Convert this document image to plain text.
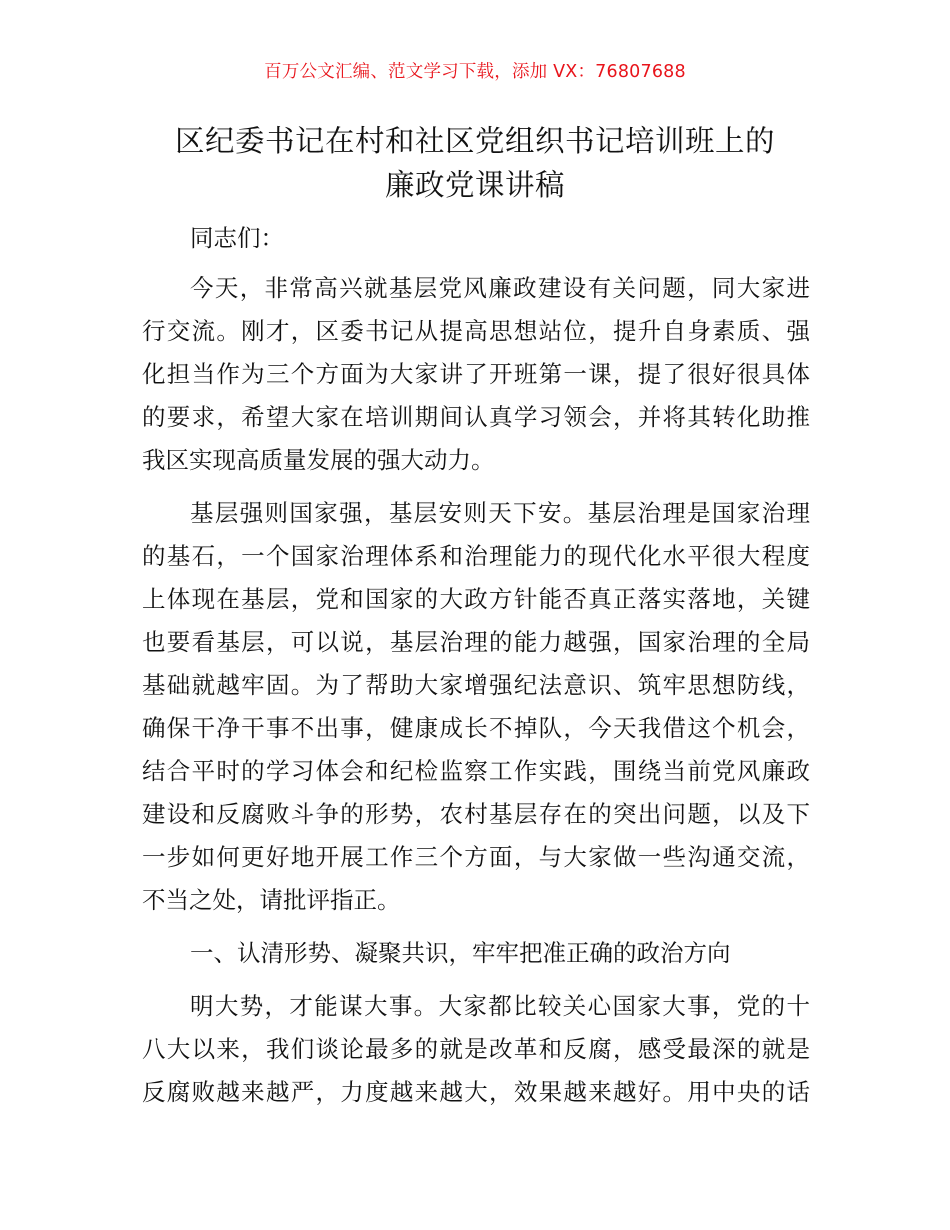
百万公文汇编、范文学习下载，添加 VX：76807688
区纪委书记在村和社区党组织书记培训班上的
廉政党课讲稿
同志们：
今天，非常高兴就基层党风廉政建设有关问题，同大家进
行交流。刚才，区委书记从提高思想站位，提升自身素质、强
化担当作为三个方面为大家讲了开班第一课，提了很好很具体
的要求，希望大家在培训期间认真学习领会，并将其转化助推
我区实现高质量发展的强大动力。
基层强则国家强，基层安则天下安。基层治理是国家治理
的基石，一个国家治理体系和治理能力的现代化水平很大程度
上体现在基层，党和国家的大政方针能否真正落实落地，关键
也要看基层，可以说，基层治理的能力越强，国家治理的全局
基础就越牢固。为了帮助大家增强纪法意识、筑牢思想防线，
确保干净干事不出事，健康成长不掉队，今天我借这个机会，
结合平时的学习体会和纪检监察工作实践，围绕当前党风廉政
建设和反腐败斗争的形势，农村基层存在的突出问题，以及下
一步如何更好地开展工作三个方面，与大家做一些沟通交流，
不当之处，请批评指正。
一、认清形势、凝聚共识，牢牢把准正确的政治方向
明大势，才能谋大事。大家都比较关心国家大事，党的十
八大以来，我们谈论最多的就是改革和反腐，感受最深的就是
反腐败越来越严，力度越来越大，效果越来越好。用中央的话
